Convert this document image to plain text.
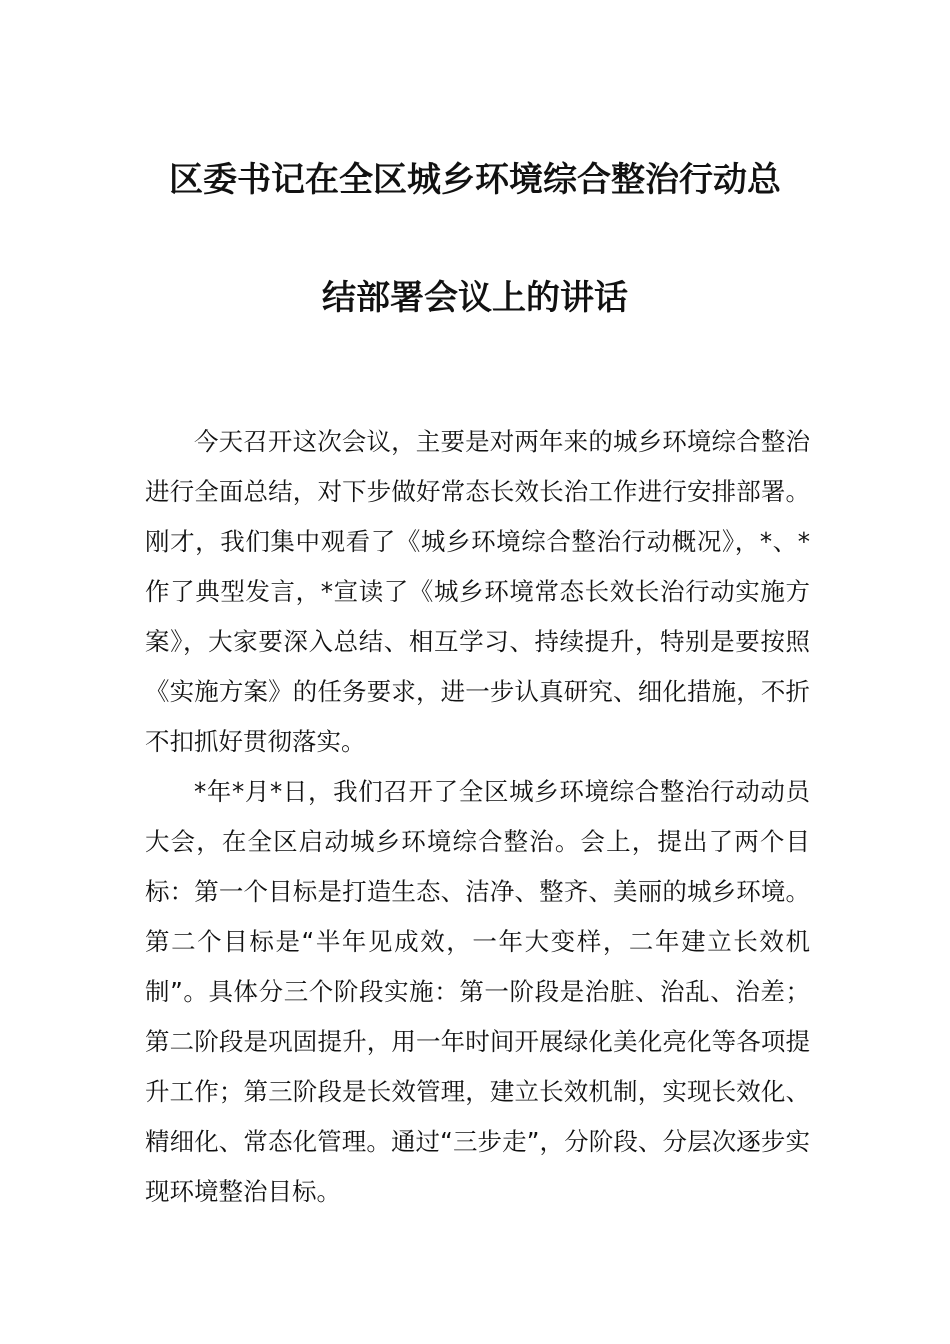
区委书记在全区城乡环境综合整治行动总
结部署会议上的讲话

今天召开这次会议，主要是对两年来的城乡环境综合整治进行全面总结，对下步做好常态长效长治工作进行安排部署。刚才，我们集中观看了《城乡环境综合整治行动概况》，*、*作了典型发言，*宣读了《城乡环境常态长效长治行动实施方案》，大家要深入总结、相互学习、持续提升，特别是要按照《实施方案》的任务要求，进一步认真研究、细化措施，不折不扣抓好贯彻落实。

*年*月*日，我们召开了全区城乡环境综合整治行动动员大会，在全区启动城乡环境综合整治。会上，提出了两个目标：第一个目标是打造生态、洁净、整齐、美丽的城乡环境。第二个目标是“半年见成效，一年大变样，二年建立长效机制”。具体分三个阶段实施：第一阶段是治脏、治乱、治差；第二阶段是巩固提升，用一年时间开展绿化美化亮化等各项提升工作；第三阶段是长效管理，建立长效机制，实现长效化、精细化、常态化管理。通过“三步走”，分阶段、分层次逐步实现环境整治目标。
